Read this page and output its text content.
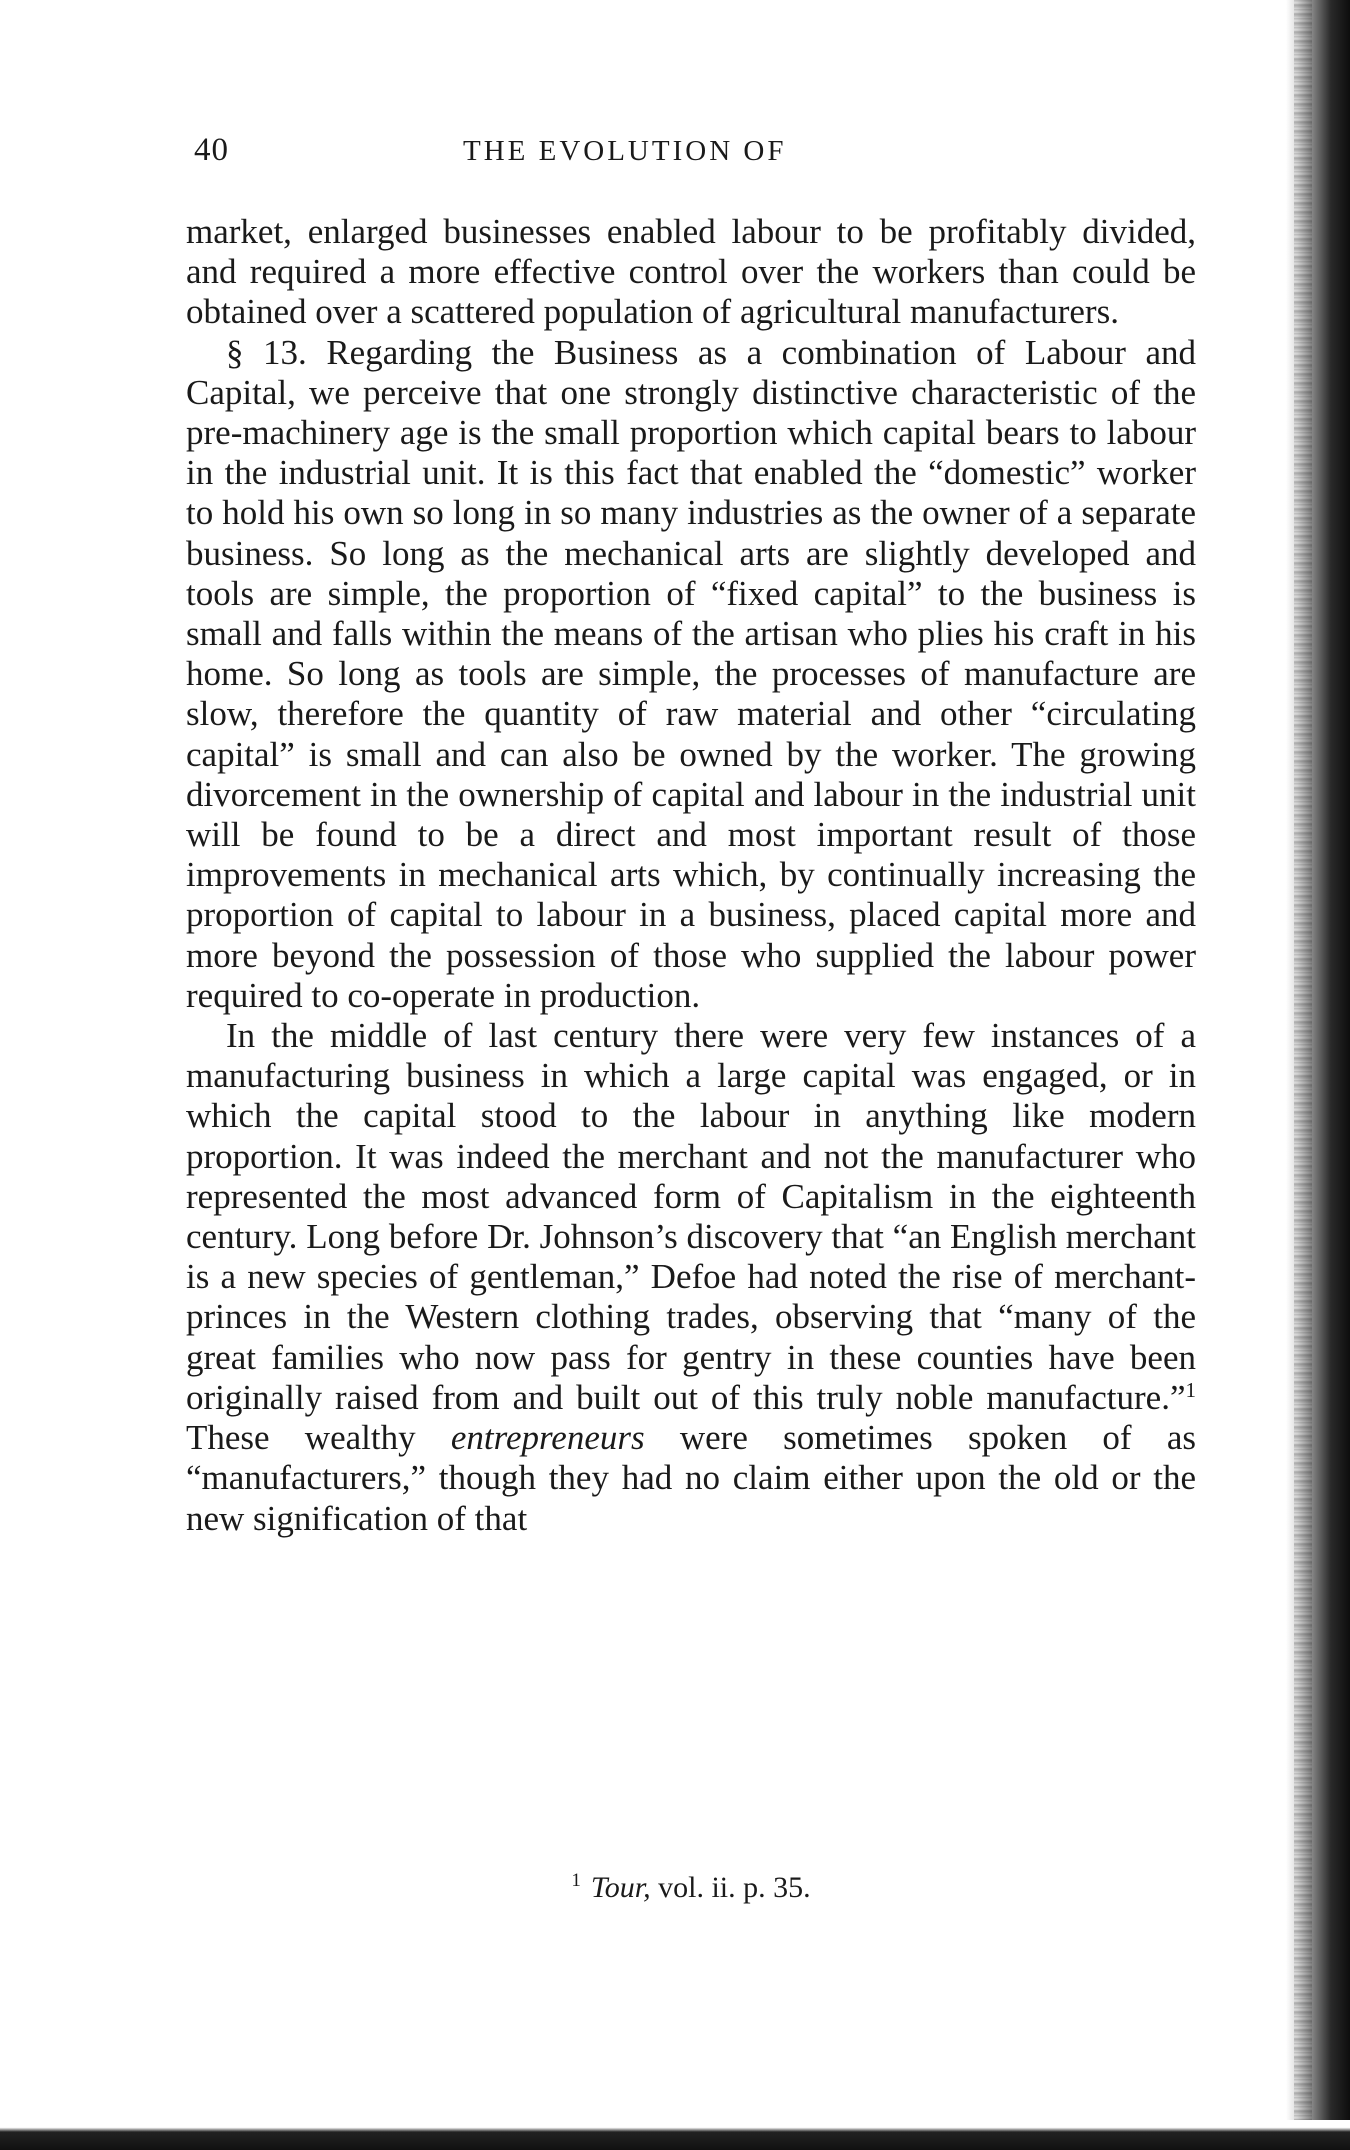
40	THE EVOLUTION OF

market, enlarged businesses enabled labour to be profitably divided, and required a more effective control over the workers than could be obtained over a scattered population of agricultural manufacturers.

§ 13. Regarding the Business as a combination of Labour and Capital, we perceive that one strongly distinctive characteristic of the pre-machinery age is the small proportion which capital bears to labour in the industrial unit. It is this fact that enabled the “domestic” worker to hold his own so long in so many industries as the owner of a separate business. So long as the mechanical arts are slightly developed and tools are simple, the proportion of “fixed capital” to the business is small and falls within the means of the artisan who plies his craft in his home. So long as tools are simple, the processes of manufacture are slow, therefore the quantity of raw material and other “circulating capital” is small and can also be owned by the worker. The growing divorcement in the ownership of capital and labour in the industrial unit will be found to be a direct and most important result of those improvements in mechanical arts which, by continually increasing the proportion of capital to labour in a business, placed capital more and more beyond the possession of those who supplied the labour power required to co-operate in production.

In the middle of last century there were very few instances of a manufacturing business in which a large capital was engaged, or in which the capital stood to the labour in anything like modern proportion. It was indeed the merchant and not the manufacturer who represented the most advanced form of Capitalism in the eighteenth century. Long before Dr. Johnson’s discovery that “an English merchant is a new species of gentleman,” Defoe had noted the rise of merchant-princes in the Western clothing trades, observing that “many of the great families who now pass for gentry in these counties have been originally raised from and built out of this truly noble manufacture.”$^1$ These wealthy entrepreneurs were sometimes spoken of as “manufacturers,” though they had no claim either upon the old or the new signification of that

$^1$ Tour, vol. ii. p. 35.
